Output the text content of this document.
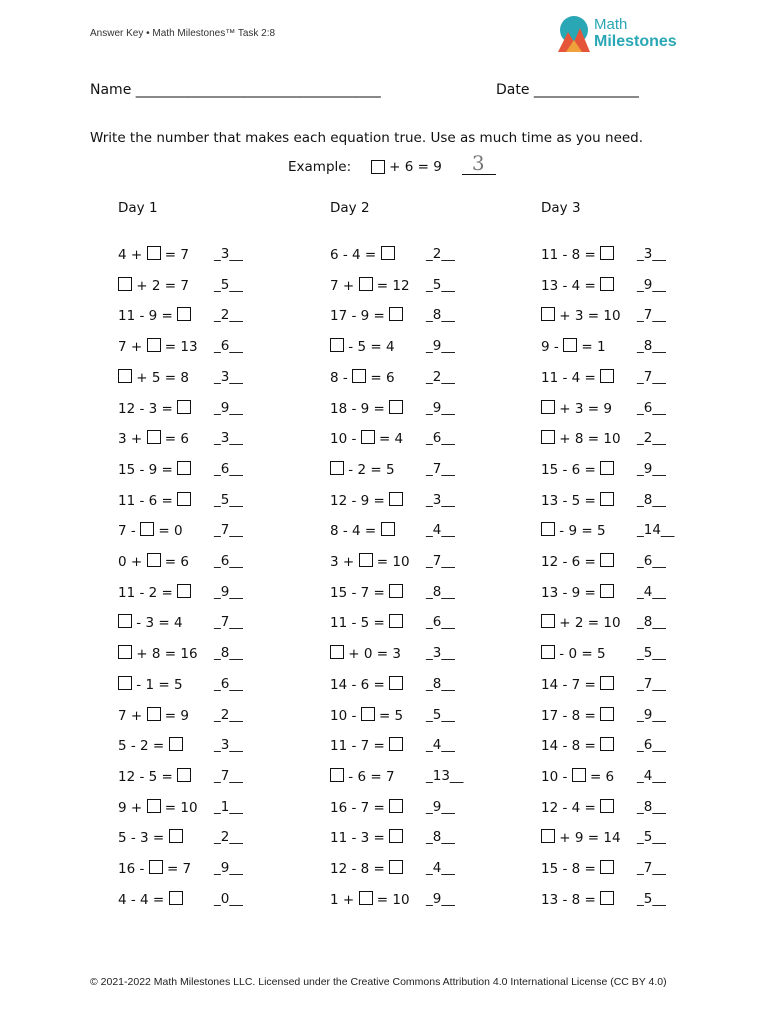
Answer Key • Math Milestones™ Task 2:8
Math
Milestones
Name ___________________________________	Date _______________
Write the number that makes each equation true. Use as much time as you need.
Example:	+ 6 = 9 3
Day 1
4 + = 7 _3__
+ 2 = 7 _5__
11 - 9 =	_2__
7 + = 13 _6__
+ 5 = 8 _3__
12 - 3 =	_9__
3 + = 6 _3__
15 - 9 =	_6__
11 - 6 =	_5__
7 - = 0 _7__
0 + = 6 _6__
11 - 2 =	_9__
- 3 = 4 _7__
+ 8 = 16 _8__
- 1 = 5 _6__
7 + = 9 _2__
5 - 2 =	_3__
12 - 5 =	_7__
9 + = 10 _1__
5 - 3 =	_2__
16 - = 7 _9__
4 - 4 =	_0__
Day 2
6 - 4 =	_2__
7 + = 12 _5__
17 - 9 =	_8__
- 5 = 4 _9__
8 - = 6 _2__
18 - 9 =	_9__
10 - = 4 _6__
- 2 = 5 _7__
12 - 9 =	_3__
8 - 4 =	_4__
3 + = 10 _7__
15 - 7 =	_8__
11 - 5 =	_6__
+ 0 = 3 _3__
14 - 6 =	_8__
10 - = 5 _5__
11 - 7 =	_4__
- 6 = 7 _13__
16 - 7 =	_9__
11 - 3 =	_8__
12 - 8 =	_4__
1 + = 10 _9__
Day 3
11 - 8 =	_3__
13 - 4 =	_9__
+ 3 = 10 _7__
9 - = 1 _8__
11 - 4 =	_7__
+ 3 = 9 _6__
+ 8 = 10 _2__
15 - 6 =	_9__
13 - 5 =	_8__
- 9 = 5 _14__
12 - 6 =	_6__
13 - 9 =	_4__
+ 2 = 10 _8__
- 0 = 5 _5__
14 - 7 =	_7__
17 - 8 =	_9__
14 - 8 =	_6__
10 - = 6 _4__
12 - 4 =	_8__
+ 9 = 14 _5__
15 - 8 =	_7__
13 - 8 =	_5__
© 2021-2022 Math Milestones LLC. Licensed under the Creative Commons Attribution 4.0 International License (CC BY 4.0)
